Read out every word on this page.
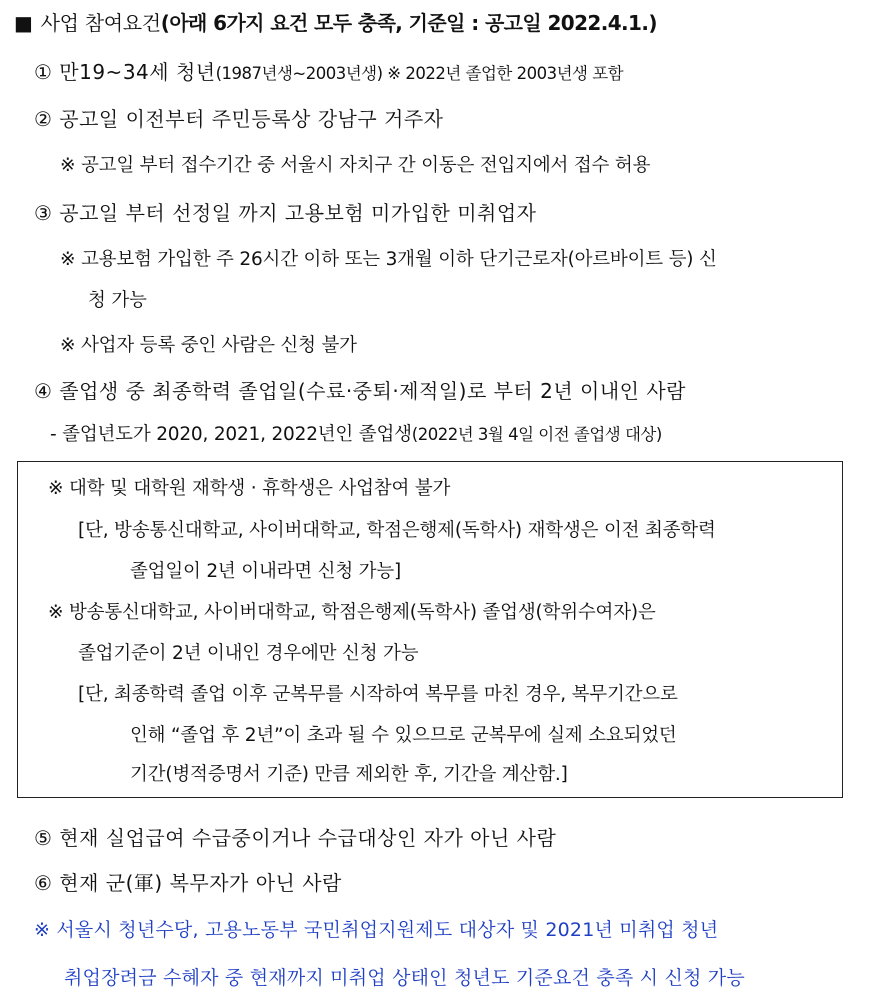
■ 사업 참여요건(아래 6가지 요건 모두 충족, 기준일 : 공고일 2022.4.1.)
① 만19~34세 청년(1987년생~2003년생) ※ 2022년 졸업한 2003년생 포함
② 공고일 이전부터 주민등록상 강남구 거주자
※ 공고일 부터 접수기간 중 서울시 자치구 간 이동은 전입지에서 접수 허용
③ 공고일 부터 선정일 까지 고용보험 미가입한 미취업자
※ 고용보험 가입한 주 26시간 이하 또는 3개월 이하 단기근로자(아르바이트 등) 신
청 가능
※ 사업자 등록 중인 사람은 신청 불가
④ 졸업생 중 최종학력 졸업일(수료·중퇴·제적일)로 부터 2년 이내인 사람
- 졸업년도가 2020, 2021, 2022년인 졸업생(2022년 3월 4일 이전 졸업생 대상)
※ 대학 및 대학원 재학생 · 휴학생은 사업참여 불가
[단, 방송통신대학교, 사이버대학교, 학점은행제(독학사) 재학생은 이전 최종학력
졸업일이 2년 이내라면 신청 가능]
※ 방송통신대학교, 사이버대학교, 학점은행제(독학사) 졸업생(학위수여자)은
졸업기준이 2년 이내인 경우에만 신청 가능
[단, 최종학력 졸업 이후 군복무를 시작하여 복무를 마친 경우, 복무기간으로
인해 “졸업 후 2년”이 초과 될 수 있으므로 군복무에 실제 소요되었던
기간(병적증명서 기준) 만큼 제외한 후, 기간을 계산함.]
⑤ 현재 실업급여 수급중이거나 수급대상인 자가 아닌 사람
⑥ 현재 군(軍) 복무자가 아닌 사람
※ 서울시 청년수당, 고용노동부 국민취업지원제도 대상자 및 2021년 미취업 청년
취업장려금 수혜자 중 현재까지 미취업 상태인 청년도 기준요건 충족 시 신청 가능
